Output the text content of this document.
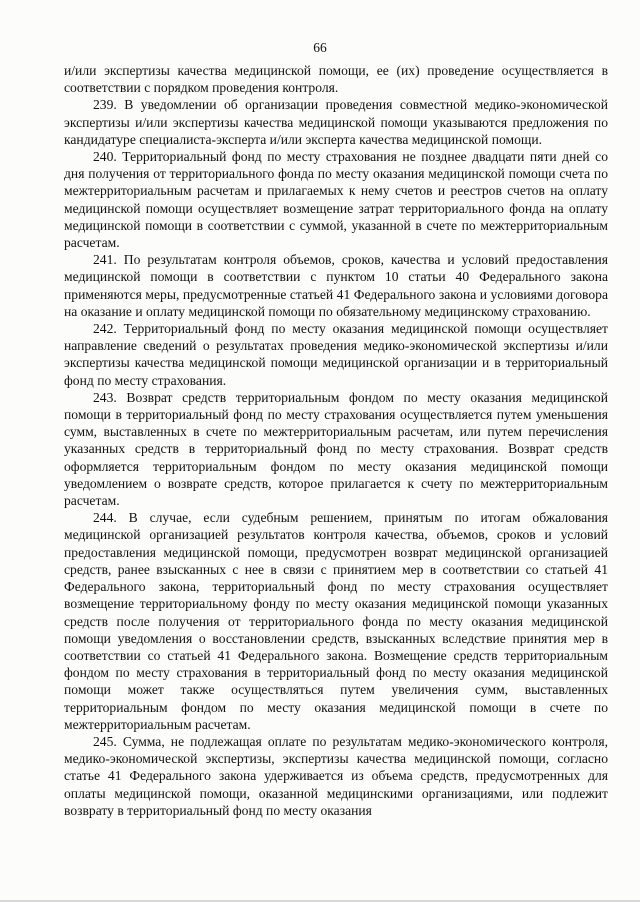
66

и/или экспертизы качества медицинской помощи, ее (их) проведение осуществляется в соответствии с порядком проведения контроля.

239. В уведомлении об организации проведения совместной медико-экономической экспертизы и/или экспертизы качества медицинской помощи указываются предложения по кандидатуре специалиста-эксперта и/или эксперта качества медицинской помощи.

240. Территориальный фонд по месту страхования не позднее двадцати пяти дней со дня получения от территориального фонда по месту оказания медицинской помощи счета по межтерриториальным расчетам и прилагаемых к нему счетов и реестров счетов на оплату медицинской помощи осуществляет возмещение затрат территориального фонда на оплату медицинской помощи в соответствии с суммой, указанной в счете по межтерриториальным расчетам.

241. По результатам контроля объемов, сроков, качества и условий предоставления медицинской помощи в соответствии с пунктом 10 статьи 40 Федерального закона применяются меры, предусмотренные статьей 41 Федерального закона и условиями договора на оказание и оплату медицинской помощи по обязательному медицинскому страхованию.

242. Территориальный фонд по месту оказания медицинской помощи осуществляет направление сведений о результатах проведения медико-экономической экспертизы и/или экспертизы качества медицинской помощи медицинской организации и в территориальный фонд по месту страхования.

243. Возврат средств территориальным фондом по месту оказания медицинской помощи в территориальный фонд по месту страхования осуществляется путем уменьшения сумм, выставленных в счете по межтерриториальным расчетам, или путем перечисления указанных средств в территориальный фонд по месту страхования. Возврат средств оформляется территориальным фондом по месту оказания медицинской помощи уведомлением о возврате средств, которое прилагается к счету по межтерриториальным расчетам.

244. В случае, если судебным решением, принятым по итогам обжалования медицинской организацией результатов контроля качества, объемов, сроков и условий предоставления медицинской помощи, предусмотрен возврат медицинской организацией средств, ранее взысканных с нее в связи с принятием мер в соответствии со статьей 41 Федерального закона, территориальный фонд по месту страхования осуществляет возмещение территориальному фонду по месту оказания медицинской помощи указанных средств после получения от территориального фонда по месту оказания медицинской помощи уведомления о восстановлении средств, взысканных вследствие принятия мер в соответствии со статьей 41 Федерального закона. Возмещение средств территориальным фондом по месту страхования в территориальный фонд по месту оказания медицинской помощи может также осуществляться путем увеличения сумм, выставленных территориальным фондом по месту оказания медицинской помощи в счете по межтерриториальным расчетам.

245. Сумма, не подлежащая оплате по результатам медико-экономического контроля, медико-экономической экспертизы, экспертизы качества медицинской помощи, согласно статье 41 Федерального закона удерживается из объема средств, предусмотренных для оплаты медицинской помощи, оказанной медицинскими организациями, или подлежит возврату в территориальный фонд по месту оказания
